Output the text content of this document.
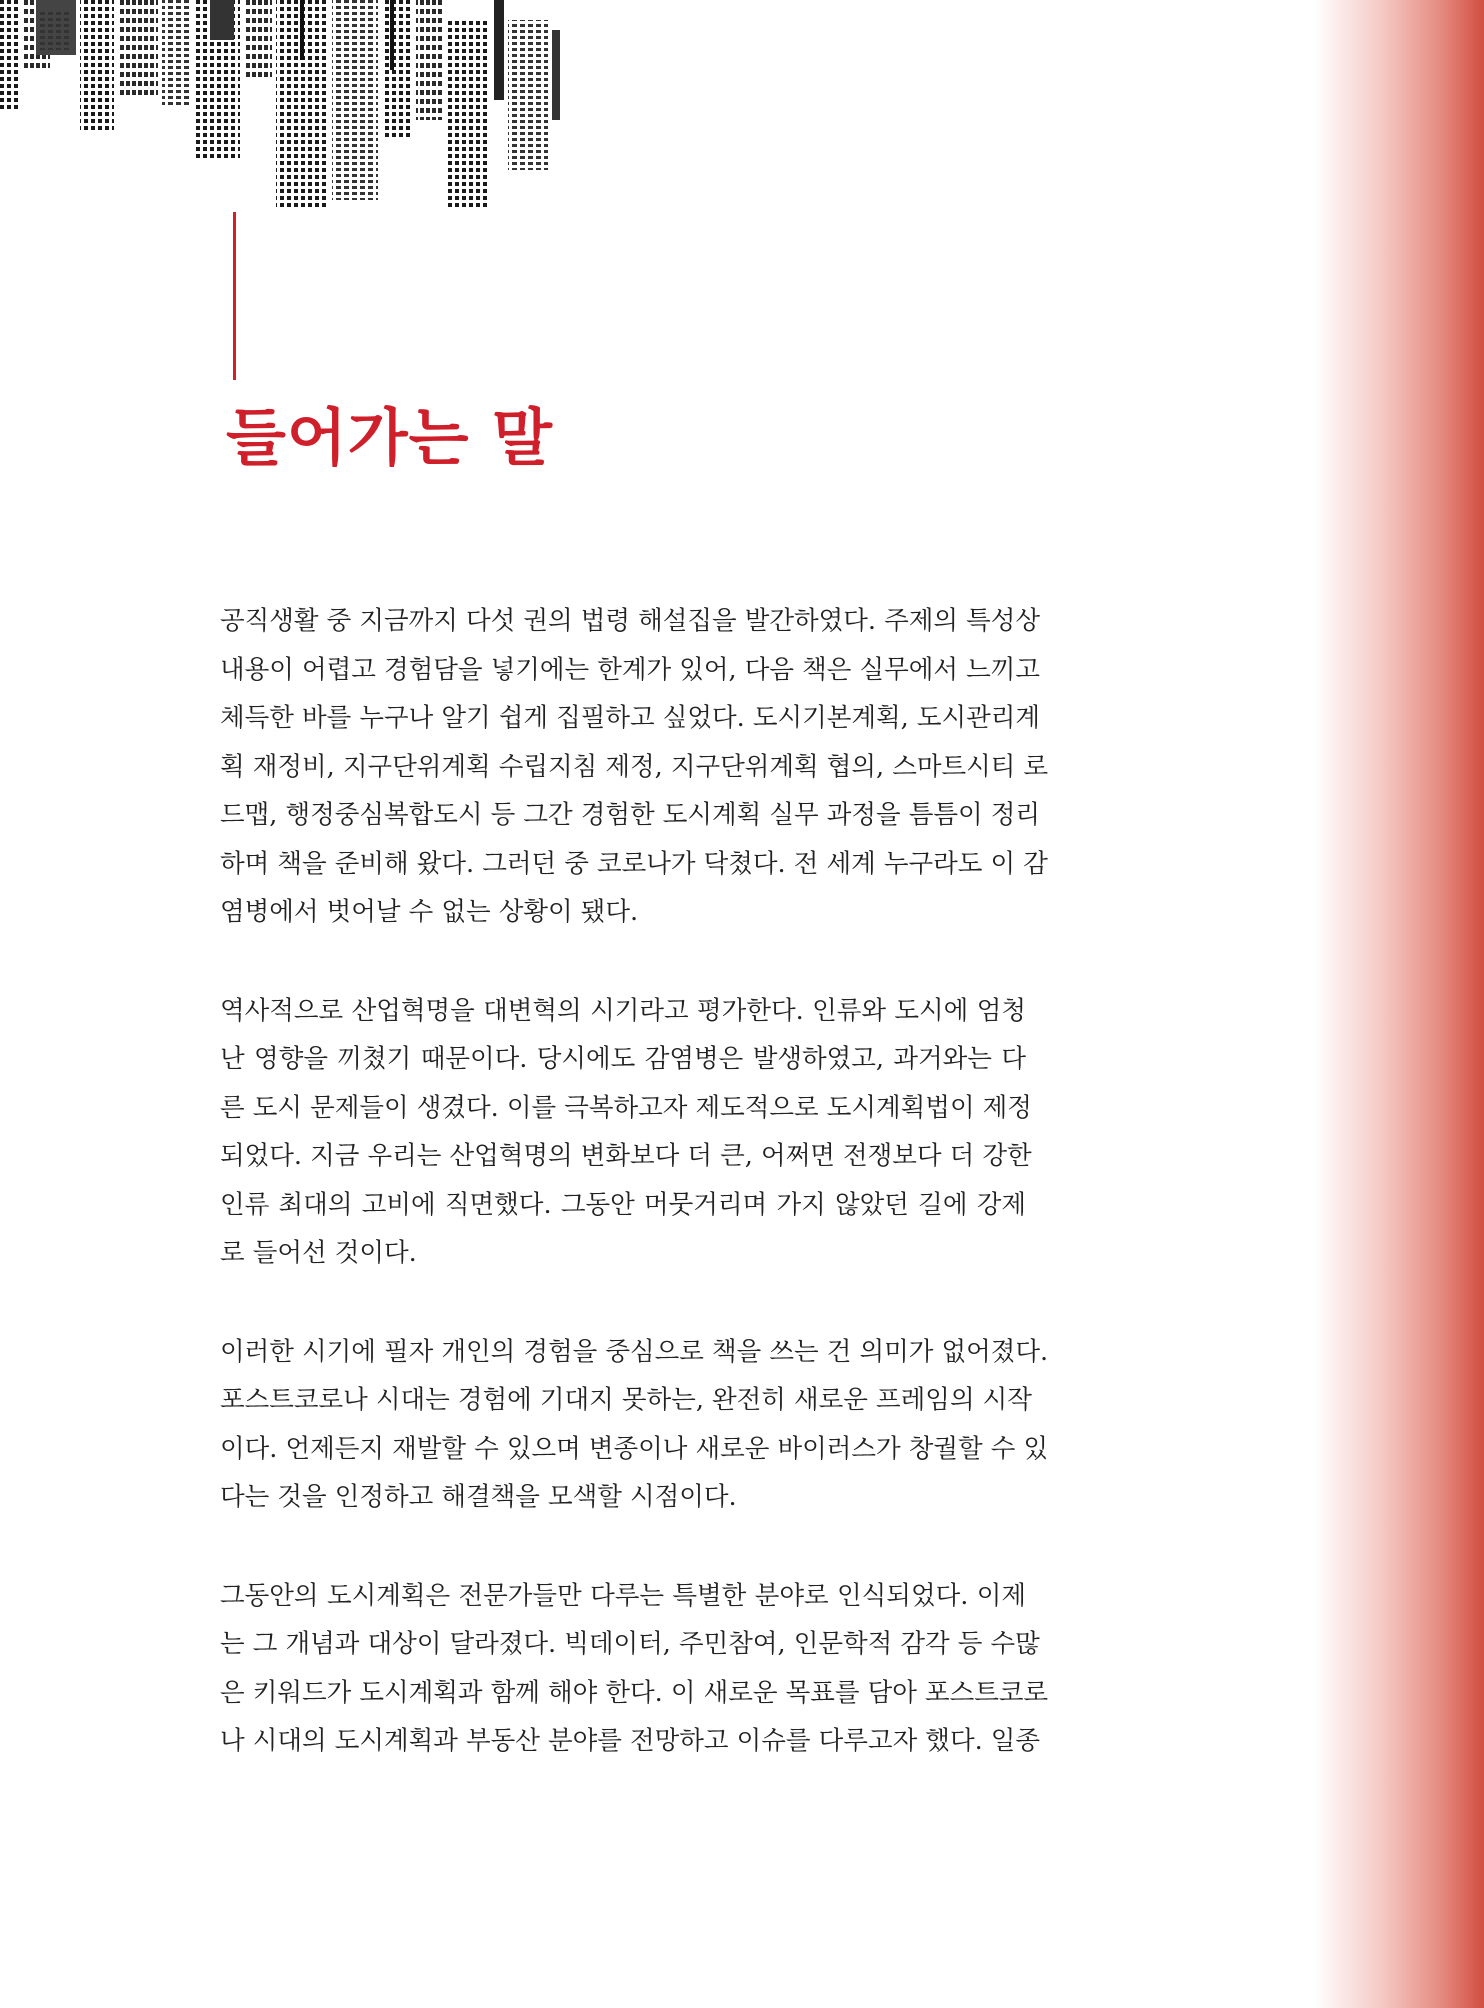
들어가는 말

공직생활 중 지금까지 다섯 권의 법령 해설집을 발간하였다. 주제의 특성상
내용이 어렵고 경험담을 넣기에는 한계가 있어, 다음 책은 실무에서 느끼고
체득한 바를 누구나 알기 쉽게 집필하고 싶었다. 도시기본계획, 도시관리계
획 재정비, 지구단위계획 수립지침 제정, 지구단위계획 협의, 스마트시티 로
드맵, 행정중심복합도시 등 그간 경험한 도시계획 실무 과정을 틈틈이 정리
하며 책을 준비해 왔다. 그러던 중 코로나가 닥쳤다. 전 세계 누구라도 이 감
염병에서 벗어날 수 없는 상황이 됐다.

역사적으로 산업혁명을 대변혁의 시기라고 평가한다. 인류와 도시에 엄청
난 영향을 끼쳤기 때문이다. 당시에도 감염병은 발생하였고, 과거와는 다
른 도시 문제들이 생겼다. 이를 극복하고자 제도적으로 도시계획법이 제정
되었다. 지금 우리는 산업혁명의 변화보다 더 큰, 어쩌면 전쟁보다 더 강한
인류 최대의 고비에 직면했다. 그동안 머뭇거리며 가지 않았던 길에 강제
로 들어선 것이다.

이러한 시기에 필자 개인의 경험을 중심으로 책을 쓰는 건 의미가 없어졌다.
포스트코로나 시대는 경험에 기대지 못하는, 완전히 새로운 프레임의 시작
이다. 언제든지 재발할 수 있으며 변종이나 새로운 바이러스가 창궐할 수 있
다는 것을 인정하고 해결책을 모색할 시점이다.

그동안의 도시계획은 전문가들만 다루는 특별한 분야로 인식되었다. 이제
는 그 개념과 대상이 달라졌다. 빅데이터, 주민참여, 인문학적 감각 등 수많
은 키워드가 도시계획과 함께 해야 한다. 이 새로운 목표를 담아 포스트코로
나 시대의 도시계획과 부동산 분야를 전망하고 이슈를 다루고자 했다. 일종
